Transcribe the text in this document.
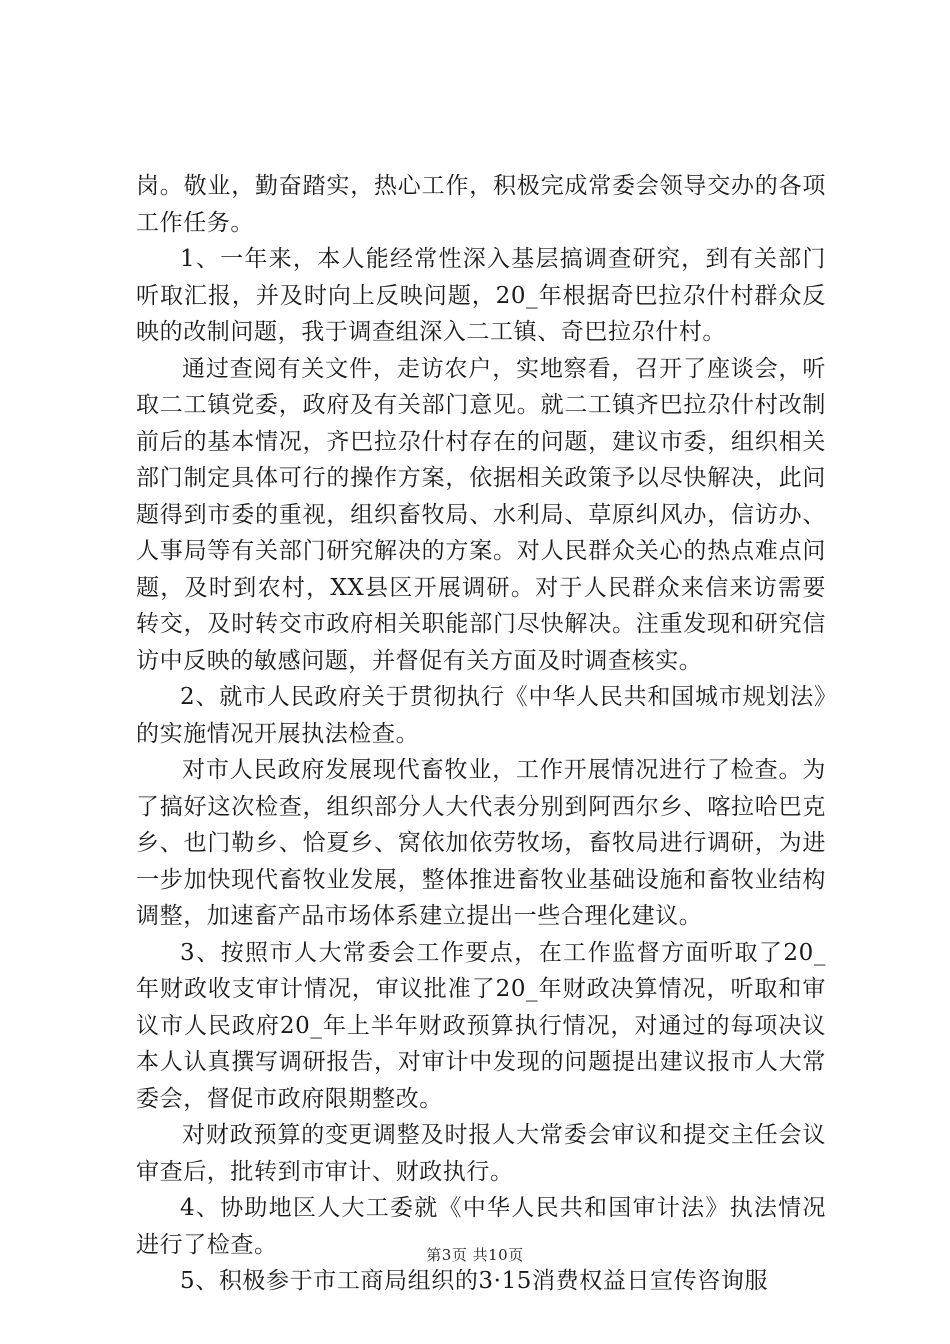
岗。敬业，勤奋踏实，热心工作，积极完成常委会领导交办的各项工作任务。

1、一年来，本人能经常性深入基层搞调查研究，到有关部门听取汇报，并及时向上反映问题，20_年根据奇巴拉尕什村群众反映的改制问题，我于调查组深入二工镇、奇巴拉尕什村。

通过查阅有关文件，走访农户，实地察看，召开了座谈会，听取二工镇党委，政府及有关部门意见。就二工镇齐巴拉尕什村改制前后的基本情况，齐巴拉尕什村存在的问题，建议市委，组织相关部门制定具体可行的操作方案，依据相关政策予以尽快解决，此问题得到市委的重视，组织畜牧局、水利局、草原纠风办，信访办、人事局等有关部门研究解决的方案。对人民群众关心的热点难点问题，及时到农村，XX县区开展调研。对于人民群众来信来访需要转交，及时转交市政府相关职能部门尽快解决。注重发现和研究信访中反映的敏感问题，并督促有关方面及时调查核实。

2、就市人民政府关于贯彻执行《中华人民共和国城市规划法》的实施情况开展执法检查。

对市人民政府发展现代畜牧业，工作开展情况进行了检查。为了搞好这次检查，组织部分人大代表分别到阿西尔乡、喀拉哈巴克乡、也门勒乡、恰夏乡、窝依加依劳牧场，畜牧局进行调研，为进一步加快现代畜牧业发展，整体推进畜牧业基础设施和畜牧业结构调整，加速畜产品市场体系建立提出一些合理化建议。

3、按照市人大常委会工作要点，在工作监督方面听取了20_年财政收支审计情况，审议批准了20_年财政决算情况，听取和审议市人民政府20_年上半年财政预算执行情况，对通过的每项决议本人认真撰写调研报告，对审计中发现的问题提出建议报市人大常委会，督促市政府限期整改。

对财政预算的变更调整及时报人大常委会审议和提交主任会议审查后，批转到市审计、财政执行。

4、协助地区人大工委就《中华人民共和国审计法》执法情况进行了检查。

5、积极参于市工商局组织的3·15消费权益日宣传咨询服

第3页 共10页
